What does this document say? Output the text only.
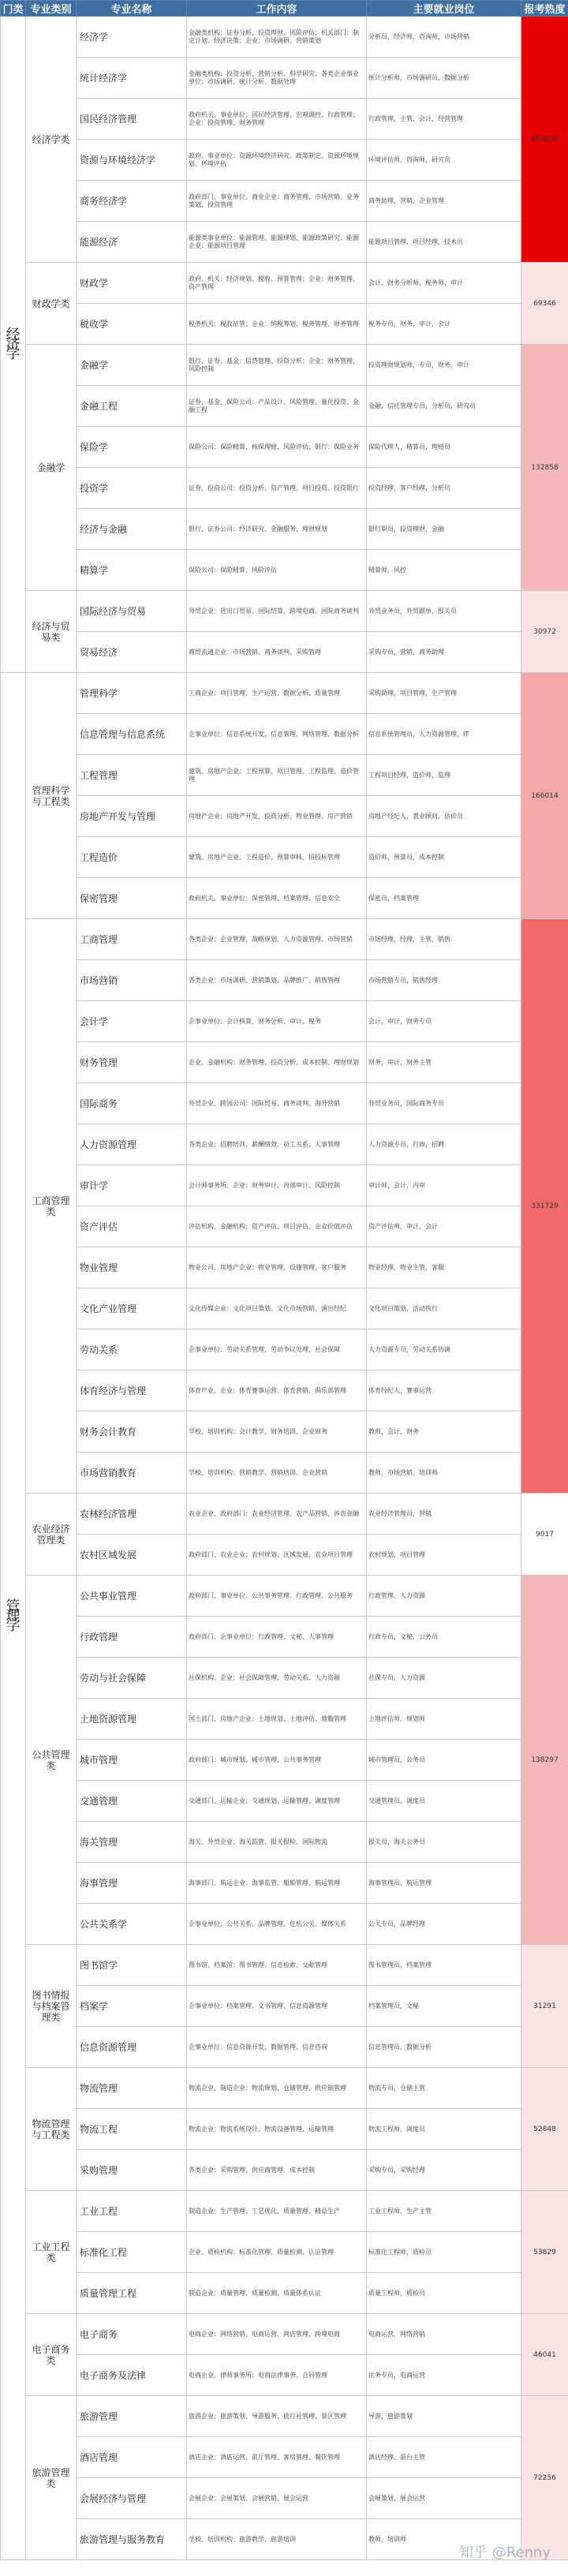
门类	专业类别	专业名称	工作内容	主要就业岗位	报考热度
经济学	经济学类	经济学	金融类机构：证券分析、投资理财、风险评估；机关部门：制定计划、经济决策；企业：市场调研、营销策划	分析员，经济师，咨询师，市场营销	464034
		统计经济学	金融类机构：投资分析、营销分析、科学研究；各类企业事业单位：市场调研、统计分析、数据处理	统计分析师，市场调研员，数据分析	
		国民经济管理	政府机关、事业单位：国民经济管理、宏观调控、行政管理；企业：投资管理、财务管理	行政管理，主管，会计，经营管理	
		资源与环境经济学	政府、事业单位：资源环境经济研究、政策制定、资源环境规划、环境评估	环境评估师，咨询师，研究员	
		商务经济学	政府部门、事业单位、商业企业：商务管理、市场营销、业务策划、投资管理	商务助理，营销，企业管理	
		能源经济	能源类事业单位：能源管理、能源规划、能源政策研究；能源企业：能源项目管理	能源项目管理，项目经理，技术员	
	财政学类	财政学	政府、机关：经济规划、税收、预算管理；企业：财务管理、资产管理	会计，财务分析师，税务师，审计	69346
		税收学	税务机关：税收征管；企业：纳税筹划、税务管理、财务管理	税务专员，财务，审计，会计	
	金融学	金融学	银行、证券、基金：信贷管理、投资分析；企业：财务管理、风险控制	投资理财规划师，专员，财务，审计	132858
		金融工程	证券、基金、保险公司：产品设计、风险管理、量化投资、金融工程	金融，信托管理专员，分析员，研究员	
		保险学	保险公司：保险精算、核保理赔、风险评估；银行：保险业务	保险代理人，精算员，理赔员	
		投资学	证券、投资公司：投资分析、资产管理、项目投资、投资银行	投资经理，客户经理，分析员	
		经济与金融	银行、证券公司：经济研究、金融服务、理财规划	银行职员，投资理财，金融	
		精算学	保险公司：保险精算、风险评估	精算师，风控	
	经济与贸易类	国际经济与贸易	外贸企业：进出口贸易、国际结算、跨境电商、国际商务谈判	外贸业务员，外贸跟单，报关员	30972
		贸易经济	商贸流通企业：市场营销、商务谈判、采购管理	采购专员，营销，商务助理	
管理学	管理科学与工程类	管理科学	工商企业：项目管理、生产运营、数据分析、质量管理	采购助理，项目管理，生产管理	166014
		信息管理与信息系统	企事业单位：信息系统开发、信息管理、网络管理、数据分析	信息系统管理员，人力资源管理，IT	
		工程管理	建筑、房地产企业：工程预算、项目管理、工程监理、造价管理	工程项目经理，造价师，监理	
		房地产开发与管理	房地产企业：房地产开发、投资分析、物业管理、房产营销	房地产经纪人，置业顾问，估价员	
		工程造价	建筑、房地产企业：工程造价、预算审核、招投标管理	造价师，预算员，成本控制	
		保密管理	政府机关、事业单位：保密管理、档案管理、信息安全	保密员，档案管理	
	工商管理类	工商管理	各类企业：企业管理、战略规划、人力资源管理、市场营销	市场经理，经理，主管，销售	331729
		市场营销	各类企业：市场调研、营销策划、品牌推广、销售管理	市场营销专员，销售经理	
		会计学	企事业单位：会计核算、财务分析、审计、税务	会计，审计，财务专员	
		财务管理	企业、金融机构：财务管理、投资分析、成本控制、理财规划	财务，审计，财务主管	
		国际商务	外贸企业、跨国公司：国际贸易、商务谈判、海外营销	外贸业务员，国际商务专员	
		人力资源管理	各类企业：招聘培训、薪酬绩效、员工关系、人事管理	人力资源专员，行政，招聘	
		审计学	会计师事务所、企业：财务审计、内部审计、风险控制	审计师，会计，内审	
		资产评估	评估机构、金融机构：资产评估、项目评估、企业价值评估	资产评估师，审计，会计	
		物业管理	物业公司、房地产企业：物业管理、设施管理、客户服务	物业经理，物业主管，客服	
		文化产业管理	文化传媒企业：文化项目策划、文化市场营销、演出经纪	文化项目策划，活动执行	
		劳动关系	企事业单位：劳动关系管理、劳动争议处理、社会保障	人力资源专员，劳动关系协调	
		体育经济与管理	体育产业、企业：体育赛事运营、体育营销、俱乐部管理	体育经纪人，赛事运营	
		财务会计教育	学校、培训机构：会计教学、财务培训、企业财务	教师，会计，财务	
		市场营销教育	学校、培训机构：营销教学、营销培训、企业营销	教师，市场营销，培训师	
	农业经济管理类	农林经济管理	农业企业、政府部门：农业经济管理、农产品营销、涉农金融	农业经济管理员，营销	9017
		农村区域发展	政府部门、农业企业：农村规划、区域发展、农业项目管理	农村规划，项目管理	
	公共管理类	公共事业管理	政府部门、事业单位：公共事务管理、行政管理、公共服务	行政管理，人力资源	138297
		行政管理	政府部门、企事业单位：行政管理、文秘、人事管理	行政专员，文秘，公务员	
		劳动与社会保障	社保机构、企业：社会保障管理、劳动关系、人力资源	社保专员，人力资源	
		土地资源管理	国土部门、房地产企业：土地规划、土地评估、地籍管理	土地评估师，规划师	
		城市管理	政府部门：城市规划、城市管理、公共事务管理	城市管理员，公务员	
		交通管理	交通部门、运输企业：交通规划、运输管理、调度管理	交通管理员，调度员	
		海关管理	海关、外贸企业：海关监管、报关报检、国际物流	报关员，海关公务员	
		海事管理	海事部门、航运企业：海事监管、船舶管理、航运管理	海事管理员，航运管理	
		公共关系学	企事业单位：公共关系、品牌管理、危机公关、媒体关系	公关专员，品牌经理	
	图书情报与档案管理类	图书馆学	图书馆、档案馆：图书管理、信息检索、文献管理	图书管理员，档案管理	31291
		档案学	企事业单位：档案管理、文书管理、信息资源管理	档案管理员，文秘	
		信息资源管理	企事业单位：信息资源开发、数据管理、信息咨询	信息管理员，数据分析	
	物流管理与工程类	物流管理	物流企业、制造企业：物流规划、仓储管理、供应链管理	物流专员，仓储主管	52848
		物流工程	物流企业：物流系统设计、物流设备管理、运输管理	物流工程师，调度员	
		采购管理	各类企业：采购管理、供应商管理、成本控制	采购专员，采购经理	
	工业工程类	工业工程	制造企业：生产管理、工艺优化、质量管理、精益生产	工业工程师，生产主管	53829
		标准化工程	企业、质检机构：标准化管理、质量检测、认证管理	标准化工程师，质检员	
		质量管理工程	制造企业：质量管理、质量检测、质量体系认证	质量工程师，质检员	
	电子商务类	电子商务	电商企业：网络营销、电商运营、网店管理、跨境电商	电商运营，网络营销	46041
		电子商务及法律	电商企业、律师事务所：电商法律事务、合同管理	法务专员，电商运营	
	旅游管理类	旅游管理	旅游企业：旅游策划、导游服务、旅行社管理、景区管理	导游，旅游策划	72256
		酒店管理	酒店企业：酒店运营、前厅管理、客房管理、餐饮管理	酒店经理，前台主管	
		会展经济与管理	会展企业：会展策划、会展营销、展会运营	会展策划，展会运营	
		旅游管理与服务教育	学校、培训机构：旅游教学、旅游培训	教师，培训师	
知乎 @Renny
